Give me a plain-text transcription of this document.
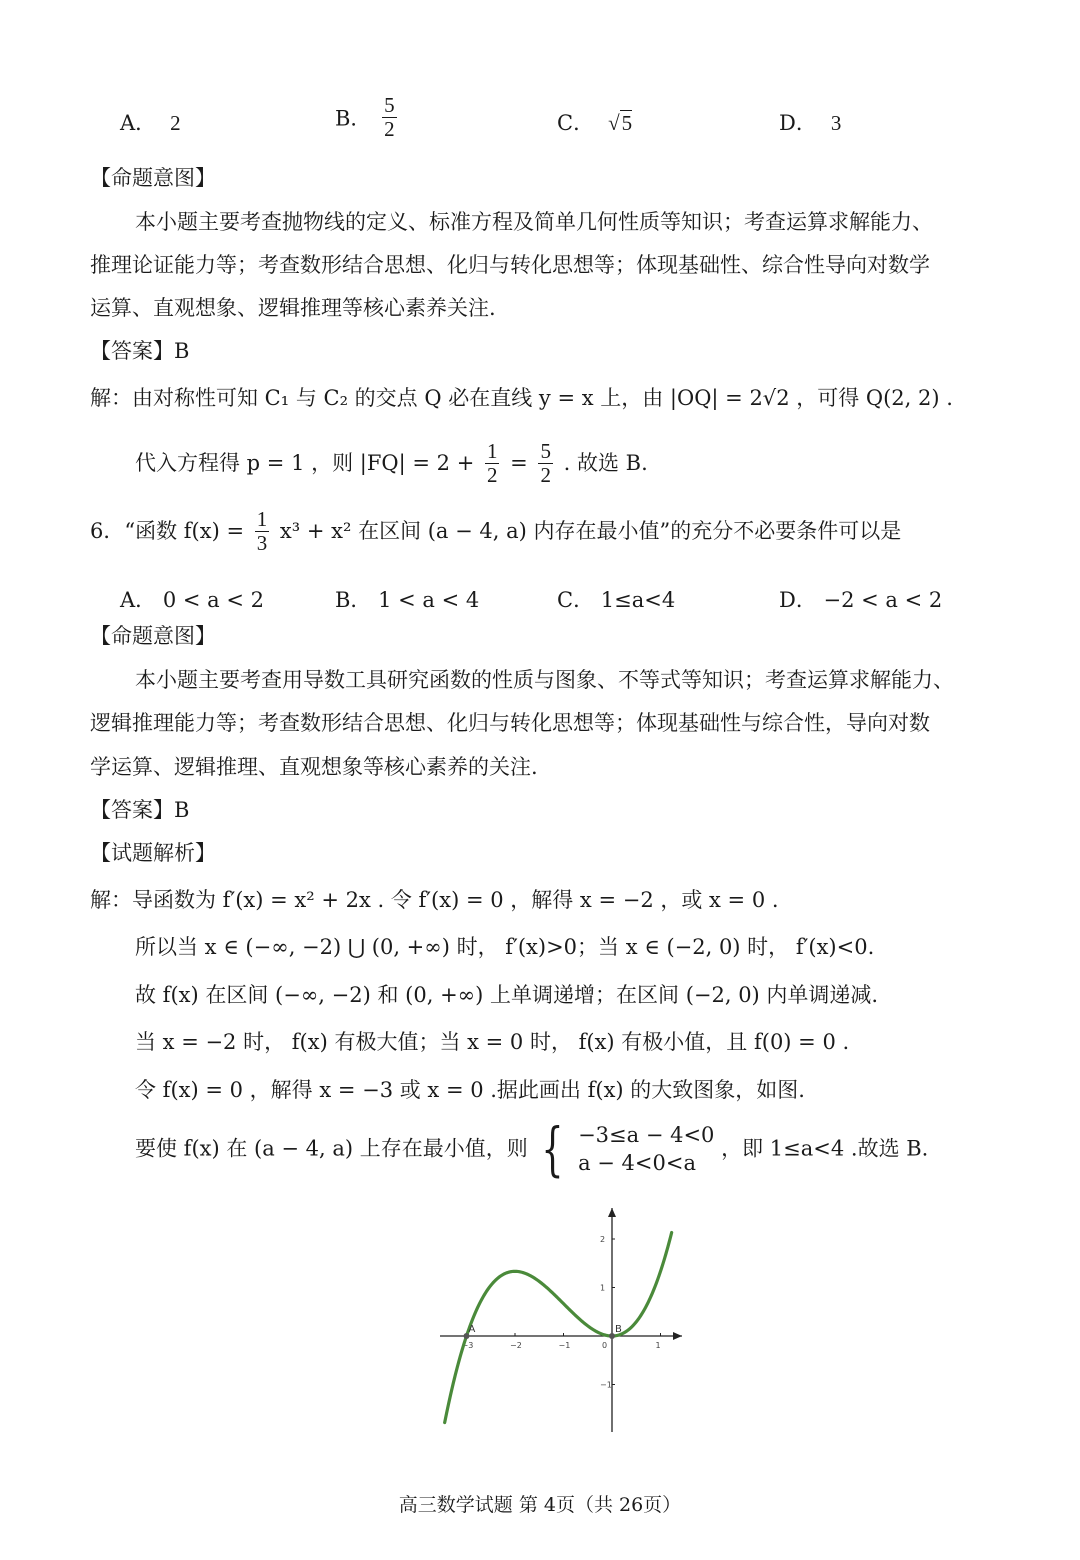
A． 2	B． $\frac{5}{2}$	C． √5	D． 3
【命题意图】
本小题主要考查抛物线的定义、标准方程及简单几何性质等知识；考查运算求解能力、
推理论证能力等；考查数形结合思想、化归与转化思想等；体现基础性、综合性导向对数学
运算、直观想象、逻辑推理等核心素养关注.
【答案】B
解：由对称性可知 C₁ 与 C₂ 的交点 Q 必在直线 y = x 上，由 |OQ| = 2√2 ，可得 Q(2, 2) .
代入方程得 p = 1 ，则 $|FQ| = 2 + \frac{1}{2} = \frac{5}{2}$ . 故选 B.
6．“函数 $f(x) = \frac{1}{3} x^3 + x^2$ 在区间 (a − 4, a) 内存在最小值”的充分不必要条件可以是
A． 0 < a < 2	B． 1 < a < 4	C． 1≤a<4	D． −2 < a < 2
【命题意图】
本小题主要考查用导数工具研究函数的性质与图象、不等式等知识；考查运算求解能力、
逻辑推理能力等；考查数形结合思想、化归与转化思想等；体现基础性与综合性，导向对数
学运算、逻辑推理、直观想象等核心素养的关注.
【答案】B
【试题解析】
解：导函数为 f′(x) = x² + 2x . 令 f′(x) = 0 ，解得 x = −2 ，或 x = 0 .
所以当 x ∈ (−∞, −2) ⋃ (0, +∞) 时， f′(x)>0；当 x ∈ (−2, 0) 时， f′(x)<0.
故 f(x) 在区间 (−∞, −2) 和 (0, +∞) 上单调递增；在区间 (−2, 0) 内单调递减.
当 x = −2 时， f(x) 有极大值；当 x = 0 时， f(x) 有极小值，且 f(0) = 0 .
令 f(x) = 0 ，解得 x = −3 或 x = 0 .据此画出 f(x) 的大致图象，如图.
要使 f(x) 在 (a − 4, a) 上存在最小值，则 { −3≤a − 4<0
a − 4<0<a
，即 1≤a<4 .故选 B.
−3	−2	−1	0	1
2
1
−1
A	B
高三数学试题 第 4页（共 26页）
